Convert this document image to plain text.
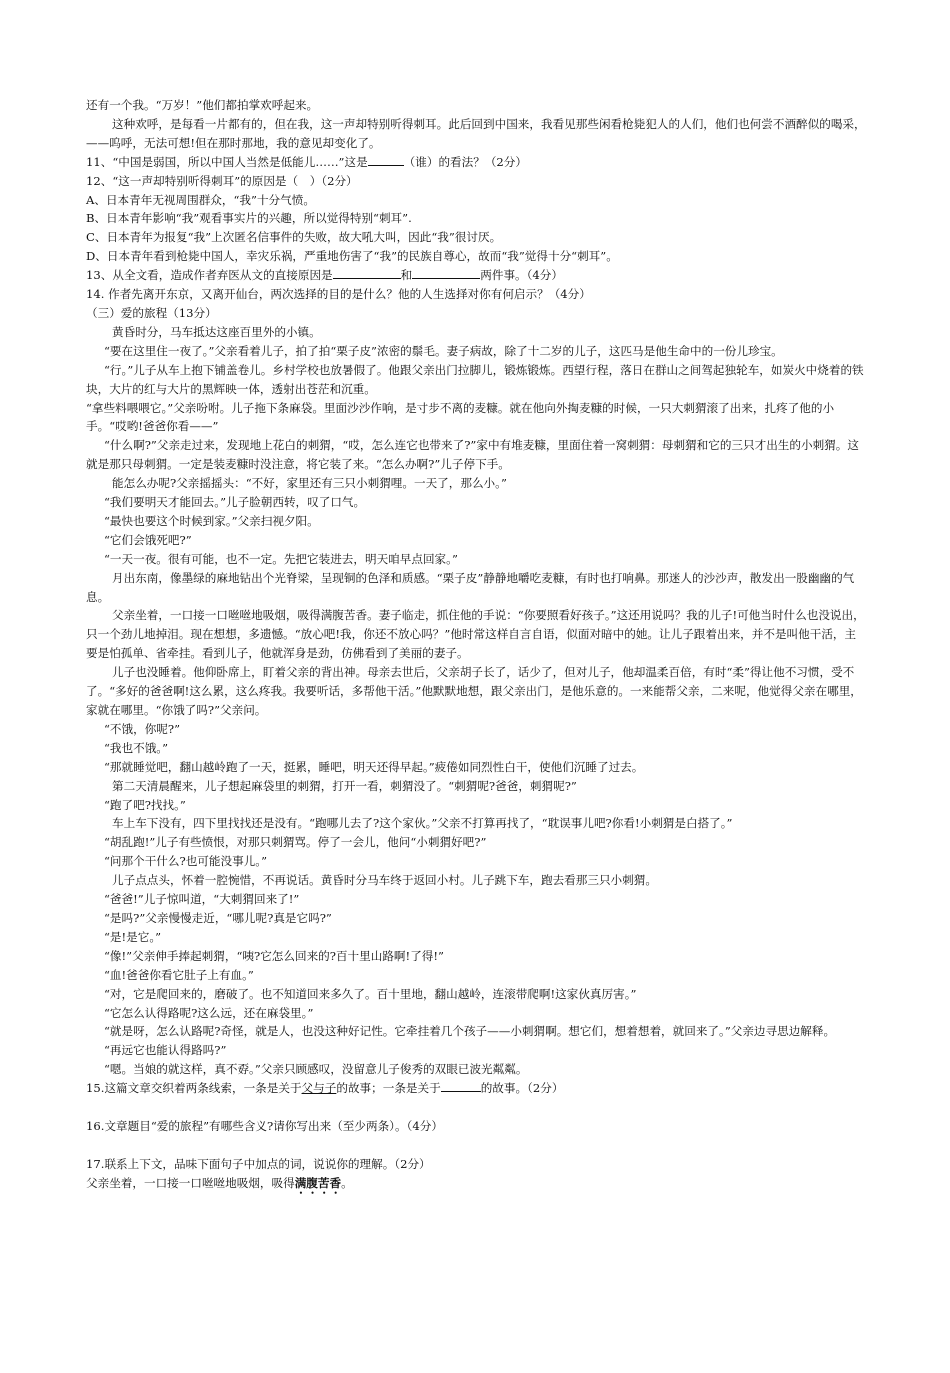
还有一个我。“万岁！”他们都拍掌欢呼起来。
这种欢呼，是每看一片都有的，但在我，这一声却特别听得刺耳。此后回到中国来，我看见那些闲看枪毙犯人的人们，他们也何尝不酒醉似的喝采，——呜呼，无法可想!但在那时那地，我的意见却变化了。
11、“中国是弱国，所以中国人当然是低能儿……”这是	（谁）的看法？（2分）
12、“这一声却特别听得刺耳”的原因是（　）（2分）
A、日本青年无视周围群众，“我”十分气愤。
B、日本青年影响“我”观看事实片的兴趣，所以觉得特别“刺耳”.
C、日本青年为报复“我”上次匿名信事件的失败，故大吼大叫，因此“我”很讨厌。
D、日本青年看到枪毙中国人，幸灾乐祸，严重地伤害了“我”的民族自尊心，故而“我”觉得十分“刺耳”。
13、从全文看，造成作者弃医从文的直接原因是	和	两件事。（4分）
14. 作者先离开东京，又离开仙台，两次选择的目的是什么？他的人生选择对你有何启示？（4分）
（三）爱的旅程（13分）
黄昏时分，马车抵达这座百里外的小镇。
“要在这里住一夜了。”父亲看着儿子，拍了拍“栗子皮”浓密的鬃毛。妻子病故，除了十二岁的儿子，这匹马是他生命中的一份儿珍宝。
“行。”儿子从车上抱下铺盖卷儿。乡村学校也放暑假了。他跟父亲出门拉脚儿，锻炼锻炼。西望行程，落日在群山之间驾起独轮车，如炭火中烧着的铁块，大片的红与大片的黑辉映一体，透射出苍茫和沉重。
“拿些料喂喂它。”父亲吩咐。儿子拖下条麻袋。里面沙沙作响，是寸步不离的麦糠。就在他向外掏麦糠的时候，一只大刺猬滚了出来，扎疼了他的小手。“哎哟!爸爸你看——”
“什么啊?”父亲走过来，发现地上花白的刺猬，“哎，怎么连它也带来了?”家中有堆麦糠，里面住着一窝刺猬：母刺猬和它的三只才出生的小刺猬。这就是那只母刺猬。一定是装麦糠时没注意，将它装了来。“怎么办啊?”儿子停下手。
能怎么办呢?父亲摇摇头：“不好，家里还有三只小刺猬哩。一天了，那么小。”
“我们要明天才能回去。”儿子脸朝西转，叹了口气。
“最快也要这个时候到家。”父亲扫视夕阳。
“它们会饿死吧?”
“一天一夜。很有可能，也不一定。先把它装进去，明天咱早点回家。”
月出东南，像墨绿的麻地钻出个光脊梁，呈现铜的色泽和质感。“栗子皮”静静地嚼吃麦糠，有时也打响鼻。那迷人的沙沙声，散发出一股幽幽的气息。
父亲坐着，一口接一口咝咝地吸烟，吸得满腹苦香。妻子临走，抓住他的手说：“你要照看好孩子。”这还用说吗？我的儿子!可他当时什么也没说出，只一个劲儿地掉泪。现在想想，多遗憾。“放心吧!我，你还不放心吗？”他时常这样自言自语，似面对暗中的她。让儿子跟着出来，并不是叫他干活，主要是怕孤单、省牵挂。看到儿子，他就浑身是劲，仿佛看到了美丽的妻子。
儿子也没睡着。他仰卧席上，盯着父亲的背出神。母亲去世后，父亲胡子长了，话少了，但对儿子，他却温柔百倍，有时“柔”得让他不习惯，受不了。“多好的爸爸啊!这么累，这么疼我。我要听话，多帮他干活。”他默默地想，跟父亲出门，是他乐意的。一来能帮父亲，二来呢，他觉得父亲在哪里，家就在哪里。“你饿了吗?”父亲问。
“不饿，你呢?”
“我也不饿。”
“那就睡觉吧，翻山越岭跑了一天，挺累，睡吧，明天还得早起。”疲倦如同烈性白干，使他们沉睡了过去。
第二天清晨醒来，儿子想起麻袋里的刺猬，打开一看，刺猬没了。“刺猬呢?爸爸，刺猬呢?”
“跑了吧?找找。”
车上车下没有，四下里找找还是没有。“跑哪儿去了?这个家伙。”父亲不打算再找了，“耽误事儿吧?你看!小刺猬是白搭了。”
“胡乱跑!”儿子有些愤恨，对那只刺猬骂。停了一会儿，他问“小刺猬好吧?”
“问那个干什么?也可能没事儿。”
儿子点点头，怀着一腔惋惜，不再说话。黄昏时分马车终于返回小村。儿子跳下车，跑去看那三只小刺猬。
“爸爸!”儿子惊叫道，“大刺猬回来了!”
“是吗?”父亲慢慢走近，“哪儿呢?真是它吗?”
“是!是它。”
“像!”父亲伸手捧起刺猬，“咦?它怎么回来的?百十里山路啊!了得!”
“血!爸爸你看它肚子上有血。”
“对，它是爬回来的，磨破了。也不知道回来多久了。百十里地，翻山越岭，连滚带爬啊!这家伙真厉害。”
“它怎么认得路呢?这么远，还在麻袋里。”
“就是呀，怎么认路呢?奇怪，就是人，也没这种好记性。它牵挂着几个孩子——小刺猬啊。想它们，想着想着，就回来了。”父亲边寻思边解释。
“再远它也能认得路吗?”
“嗯。当娘的就这样，真不孬。”父亲只顾感叹，没留意儿子俊秀的双眼已波光粼粼。
15.这篇文章交织着两条线索，一条是关于父与子的故事；一条是关于	的故事。（2分）
16.文章题目“爱的旅程”有哪些含义?请你写出来（至少两条）。（4分）
17.联系上下文，品味下面句子中加点的词，说说你的理解。（2分）
父亲坐着，一口接一口咝咝地吸烟，吸得满腹苦香。
